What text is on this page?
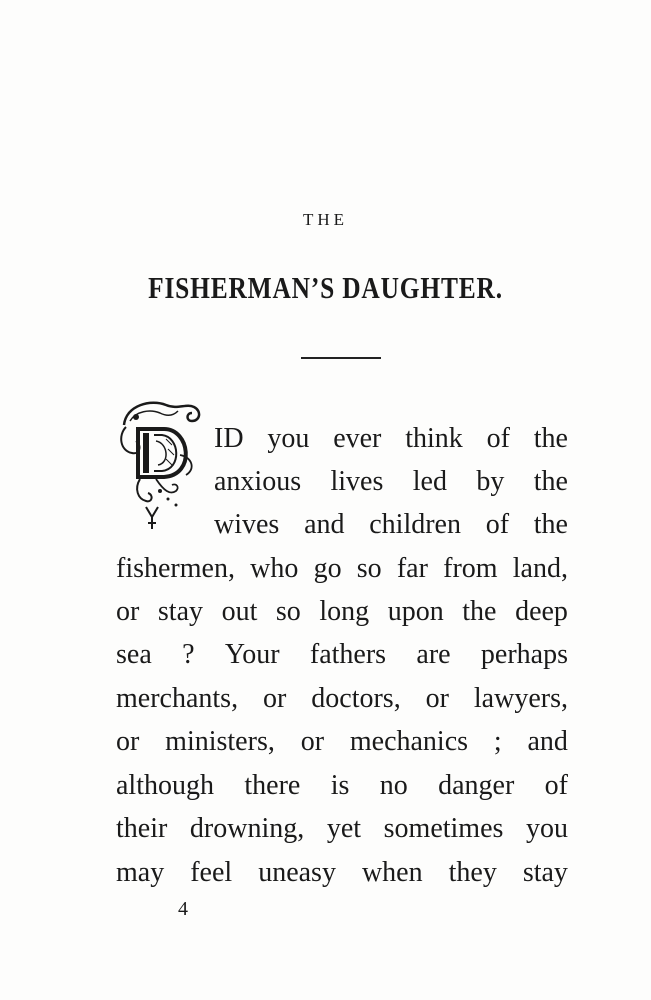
THE
FISHERMAN’S DAUGHTER.
ID you ever think of the
anxious lives led by the
wives and children of the
fishermen, who go so far from land,
or stay out so long upon the deep
sea ? Your fathers are perhaps
merchants, or doctors, or lawyers,
or ministers, or mechanics ; and
although there is no danger of
their drowning, yet sometimes you
may feel uneasy when they stay
4
